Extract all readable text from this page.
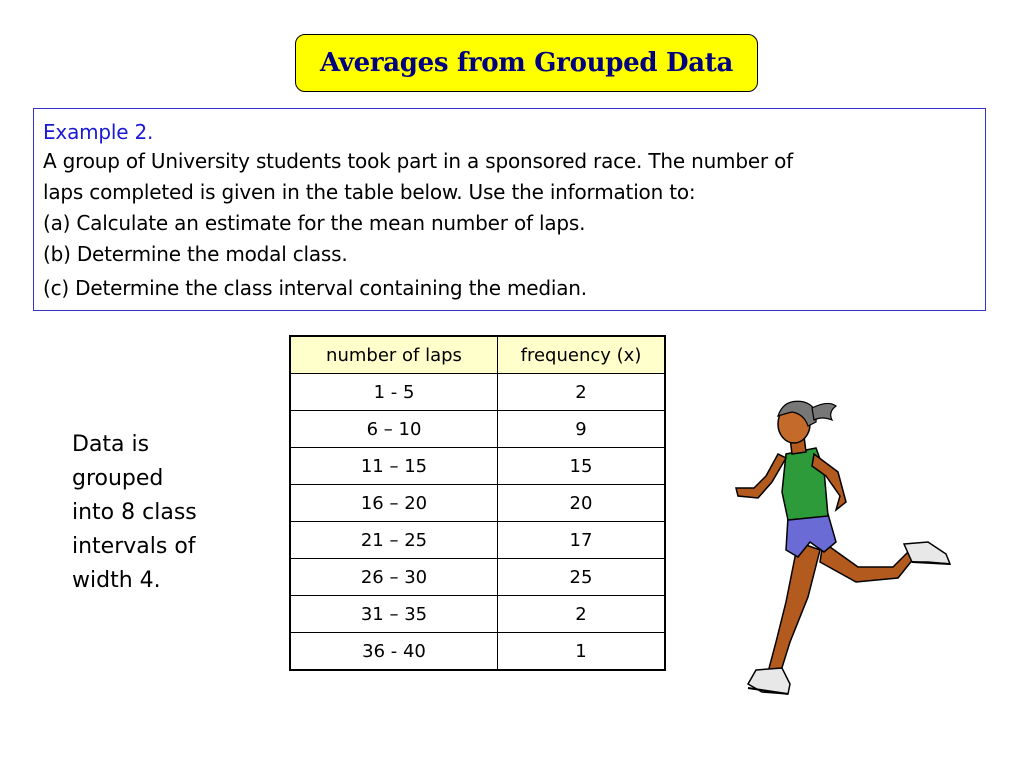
Averages from Grouped Data

Example 2.

A group of University students took part in a sponsored race. The number of

laps completed is given in the table below. Use the information to:

(a) Calculate an estimate for the mean number of laps.

(b) Determine the modal class.

(c) Determine the class interval containing the median.

number of laps	frequency (x)
1 - 5	2
6 – 10	9
11 – 15	15
16 – 20	20
21 – 25	17
26 – 30	25
31 – 35	2
36 - 40	1
Data is
grouped
into 8 class
intervals of
width 4.
